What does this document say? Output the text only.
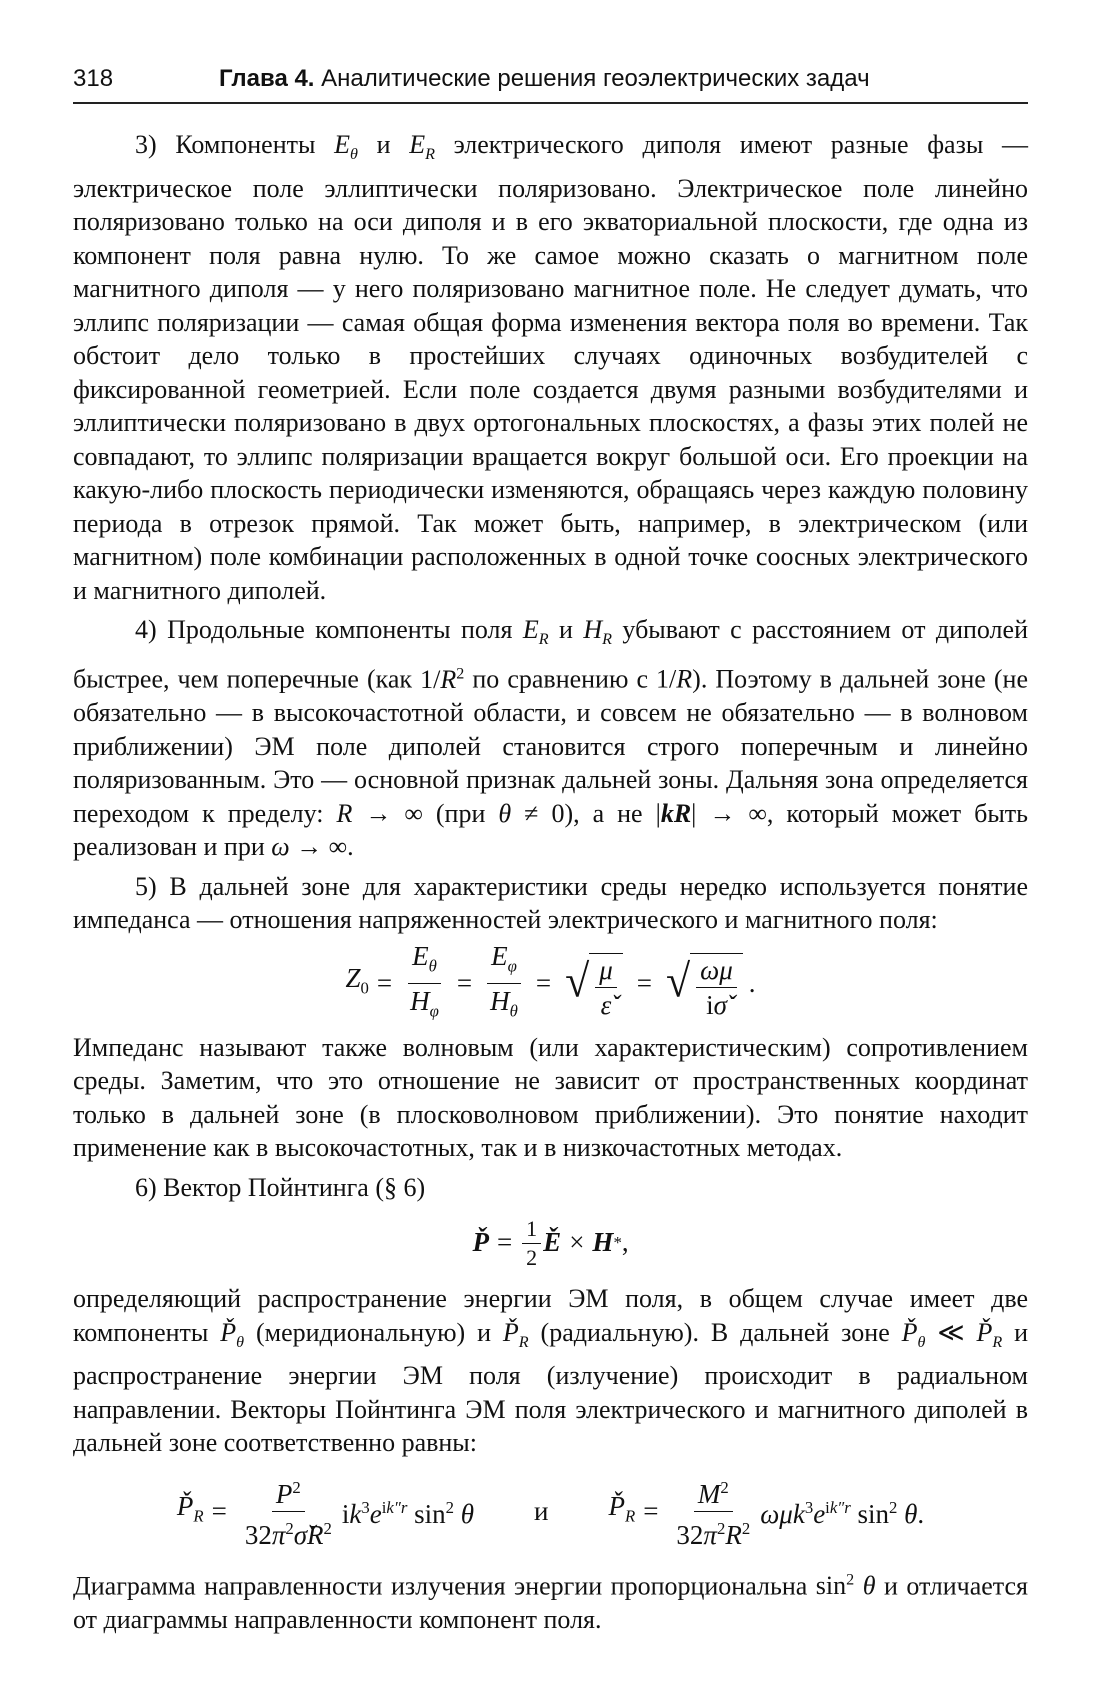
318	Глава 4. Аналитические решения геоэлектрических задач

3) Компоненты $E_\theta$ и $E_R$ электрического диполя имеют разные фазы — электрическое поле эллиптически поляризовано. Электрическое поле линейно поляризовано только на оси диполя и в его экваториальной плоскости, где одна из компонент поля равна нулю. То же самое можно сказать о магнитном поле магнитного диполя — у него поляризовано магнитное поле. Не следует думать, что эллипс поляризации — самая общая форма изменения вектора поля во времени. Так обстоит дело только в простейших случаях одиночных возбудителей с фиксированной геометрией. Если поле создается двумя разными возбудителями и эллиптически поляризовано в двух ортогональных плоскостях, а фазы этих полей не совпадают, то эллипс поляризации вращается вокруг большой оси. Его проекции на какую-либо плоскость периодически изменяются, обращаясь через каждую половину периода в отрезок прямой. Так может быть, например, в электрическом (или магнитном) поле комбинации расположенных в одной точке соосных электрического и магнитного диполей.

4) Продольные компоненты поля $E_R$ и $H_R$ убывают с расстоянием от диполей быстрее, чем поперечные (как $1/R^2$ по сравнению с 1/R). Поэтому в дальней зоне (не обязательно — в высокочастотной области, и совсем не обязательно — в волновом приближении) ЭМ поле диполей становится строго поперечным и линейно поляризованным. Это — основной признак дальней зоны. Дальняя зона определяется переходом к пределу: R → ∞ (при θ ≠ 0), а не |kR| → ∞, который может быть реализован и при ω → ∞.

5) В дальней зоне для характеристики среды нередко используется понятие импеданса — отношения напряженностей электрического и магнитного поля:

$Z_0 = \frac{E_\theta}{H_\varphi} = \frac{E_\varphi}{H_\theta}$ = √ $\frac{\mu}{\varepsiloň}$ = √ $\frac{\omega\mu}{i\sigmǎ}$ .

Импеданс называют также волновым (или характеристическим) сопротивлением среды. Заметим, что это отношение не зависит от пространственных координат только в дальней зоне (в плосковолновом приближении). Это понятие находит применение как в высокочастотных, так и в низкочастотных методах.

6) Вектор Пойнтинга (§ 6)

P̌ = $\frac{1}{2}$ Ě × H * ,

определяющий распространение энергии ЭМ поля, в общем случае имеет две компоненты $P̌_\theta$ (меридиональную) и $P̌_R$ (радиальную). В дальней зоне $P̌_\theta$ ≪ $P̌_R$ и распространение энергии ЭМ поля (излучение) происходит в радиальном направлении. Векторы Пойнтинга ЭМ поля электрического и магнитного диполей в дальней зоне соответственно равны:

$P̌_R = \frac{P^2}{32\pi^2\sigmǎR^2} ik^3e^{ik''r}$ $\sin^2 \theta$ и $P̌_R = \frac{M^2}{32\pi^2R^2} \omega\mu k^3e^{ik''r}$ $\sin^2 \theta$.

Диаграмма направленности излучения энергии пропорциональна $\sin^2 \theta$ и отличается от диаграммы направленности компонент поля.
